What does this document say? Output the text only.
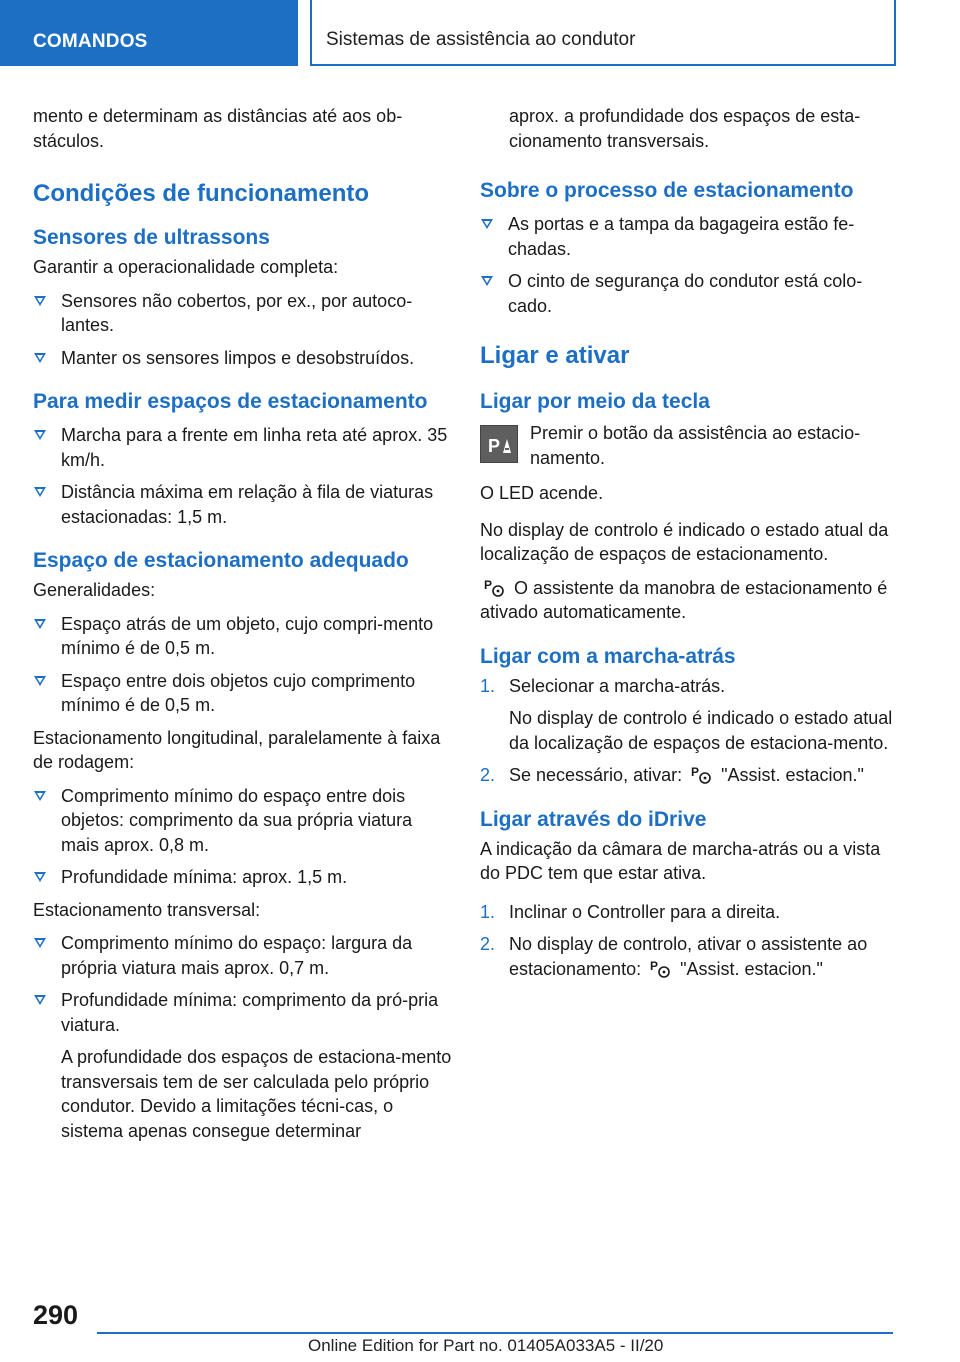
COMANDOS	Sistemas de assistência ao condutor

mento e determinam as distâncias até aos ob-stáculos.

Condições de funcionamento
Sensores de ultrassons

Garantir a operacionalidade completa:

Sensores não cobertos, por ex., por autoco-lantes.
Manter os sensores limpos e desobstruídos.
Para medir espaços de estacionamento
Marcha para a frente em linha reta até aprox. 35 km/h.
Distância máxima em relação à fila de viaturas estacionadas: 1,5 m.
Espaço de estacionamento adequado

Generalidades:

Espaço atrás de um objeto, cujo compri-mento mínimo é de 0,5 m.
Espaço entre dois objetos cujo comprimento mínimo é de 0,5 m.

Estacionamento longitudinal, paralelamente à faixa de rodagem:

Comprimento mínimo do espaço entre dois objetos: comprimento da sua própria viatura mais aprox. 0,8 m.
Profundidade mínima: aprox. 1,5 m.

Estacionamento transversal:

Comprimento mínimo do espaço: largura da própria viatura mais aprox. 0,7 m.
Profundidade mínima: comprimento da pró-pria viatura.
A profundidade dos espaços de estaciona-mento transversais tem de ser calculada pelo próprio condutor. Devido a limitações técni-cas, o sistema apenas consegue determinar

aprox. a profundidade dos espaços de esta-cionamento transversais.

Sobre o processo de estacionamento
As portas e a tampa da bagageira estão fe-chadas.
O cinto de segurança do condutor está colo-cado.
Ligar e ativar
Ligar por meio da tecla
P

Premir o botão da assistência ao estacio-namento.

O LED acende.

No display de controlo é indicado o estado atual da localização de espaços de estacionamento.

P O assistente da manobra de estacionamento é ativado automaticamente.

Ligar com a marcha-atrás
1. Selecionar a marcha-atrás.
No display de controlo é indicado o estado atual da localização de espaços de estaciona-mento.
2. Se necessário, ativar: P "Assist. estacion."
Ligar através do iDrive

A indicação da câmara de marcha-atrás ou a vista do PDC tem que estar ativa.

1. Inclinar o Controller para a direita.
2. No display de controlo, ativar o assistente ao estacionamento: P "Assist. estacion."
290
Online Edition for Part no. 01405A033A5 - II/20
